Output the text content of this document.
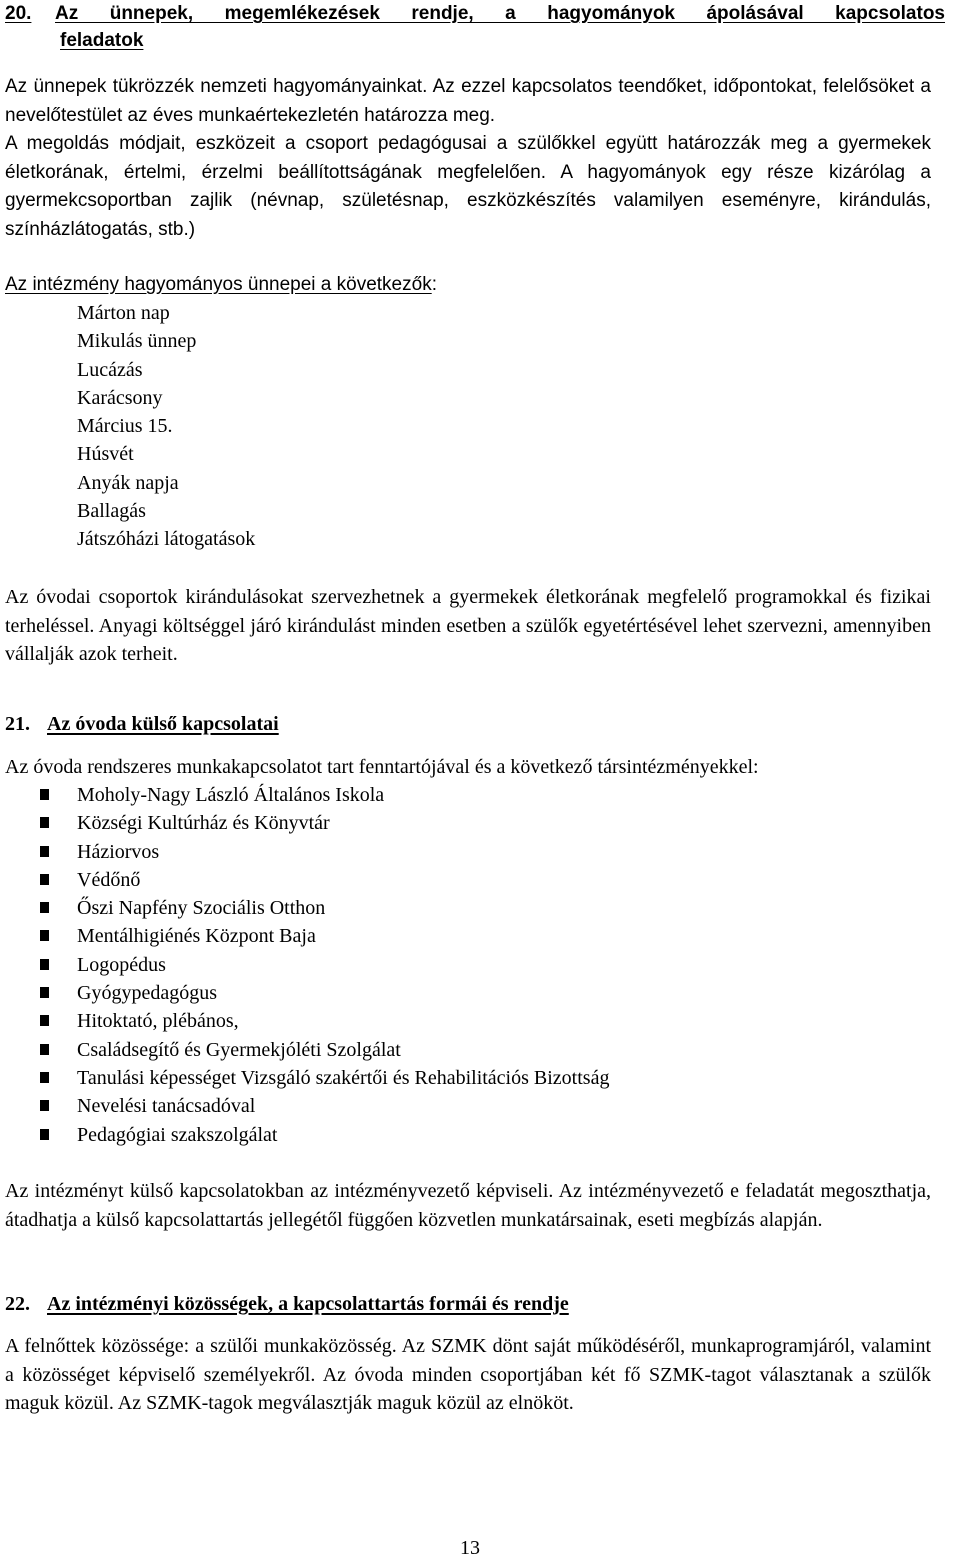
20.	Az ünnepek, megemlékezések rendje, a hagyományok ápolásával kapcsolatos
feladatok

Az ünnepek tükrözzék nemzeti hagyományainkat. Az ezzel kapcsolatos teendőket, időpontokat, felelősöket a nevelőtestület az éves munkaértekezletén határozza meg.

A megoldás módjait, eszközeit a csoport pedagógusai a szülőkkel együtt határozzák meg a gyermekek életkorának, értelmi, érzelmi beállítottságának megfelelően. A hagyományok egy része kizárólag a gyermekcsoportban zajlik (névnap, születésnap, eszközkészítés valamilyen eseményre, kirándulás, színházlátogatás, stb.)

Az intézmény hagyományos ünnepei a következők:

Márton nap
Mikulás ünnep
Lucázás
Karácsony
Március 15.
Húsvét
Anyák napja
Ballagás
Játszóházi látogatások

Az óvodai csoportok kirándulásokat szervezhetnek a gyermekek életkorának megfelelő programokkal és fizikai terheléssel. Anyagi költséggel járó kirándulást minden esetben a szülők egyetértésével lehet szervezni, amennyiben vállalják azok terheit.

21. Az óvoda külső kapcsolatai

Az óvoda rendszeres munkakapcsolatot tart fenntartójával és a következő társintézményekkel:

Moholy-Nagy László Általános Iskola
Községi Kultúrház és Könyvtár
Háziorvos
Védőnő
Őszi Napfény Szociális Otthon
Mentálhigiénés Központ Baja
Logopédus
Gyógypedagógus
Hitoktató, plébános,
Családsegítő és Gyermekjóléti Szolgálat
Tanulási képességet Vizsgáló szakértői és Rehabilitációs Bizottság
Nevelési tanácsadóval
Pedagógiai szakszolgálat

Az intézményt külső kapcsolatokban az intézményvezető képviseli. Az intézményvezető e feladatát megoszthatja, átadhatja a külső kapcsolattartás jellegétől függően közvetlen munkatársainak, eseti megbízás alapján.

22. Az intézményi közösségek, a kapcsolattartás formái és rendje

A felnőttek közössége: a szülői munkaközösség. Az SZMK dönt saját működéséről, munkaprogramjáról, valamint a közösséget képviselő személyekről. Az óvoda minden csoportjában két fő SZMK-tagot választanak a szülők maguk közül. Az SZMK-tagok megválasztják maguk közül az elnököt.

13
